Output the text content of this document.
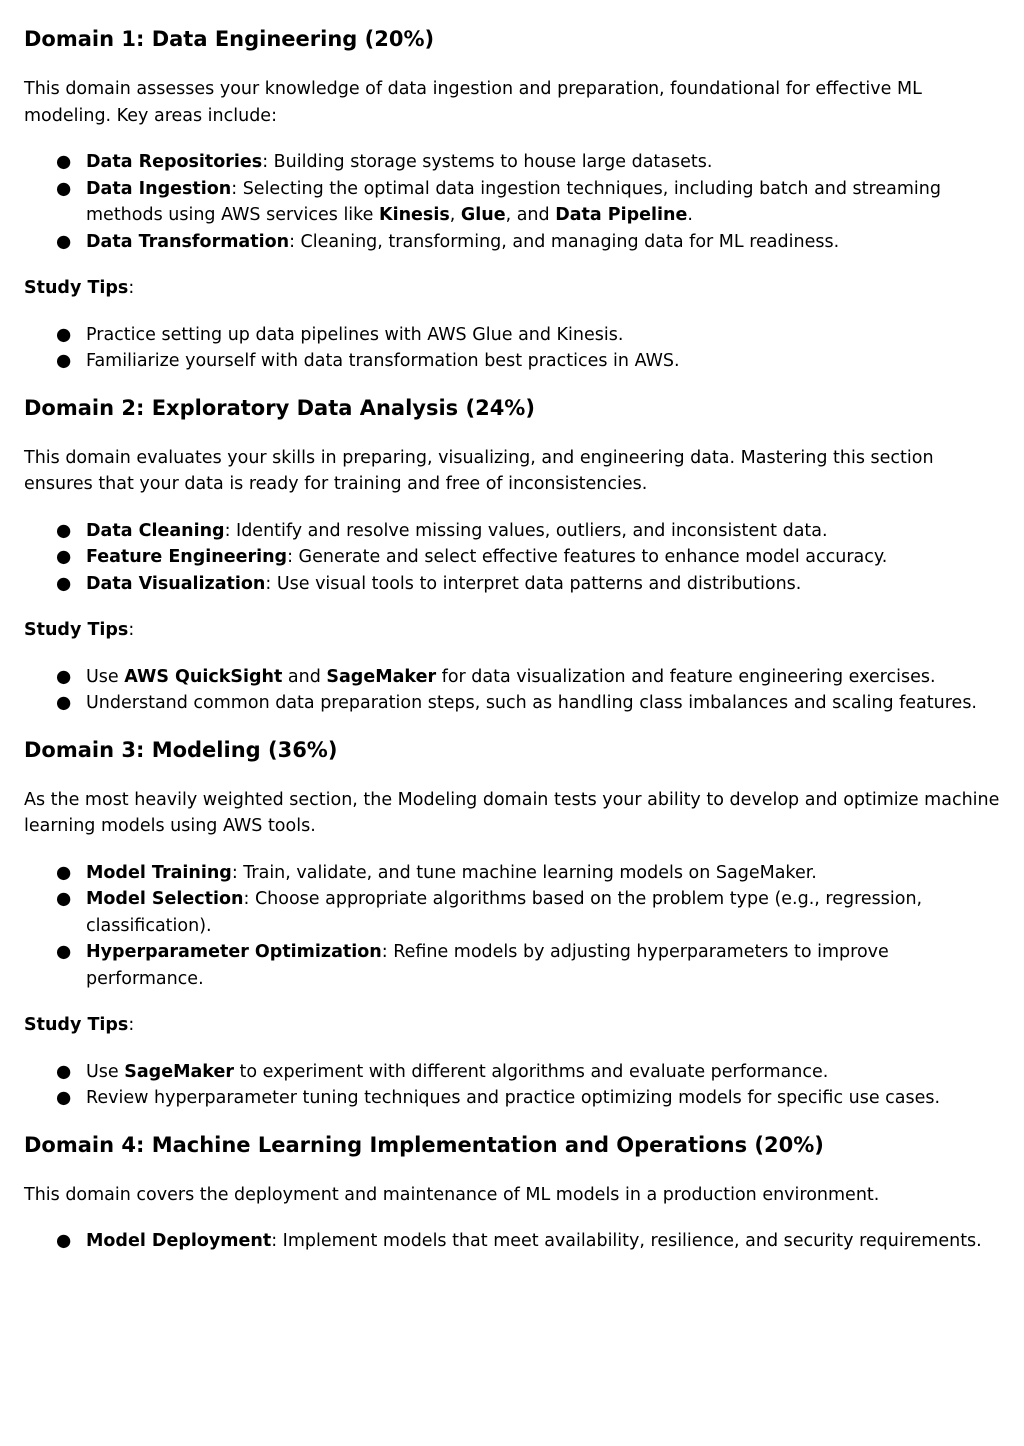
Domain 1: Data Engineering (20%)

This domain assesses your knowledge of data ingestion and preparation, foundational for effective ML modeling. Key areas include:

● Data Repositories: Building storage systems to house large datasets.
● Data Ingestion: Selecting the optimal data ingestion techniques, including batch and streaming methods using AWS services like Kinesis, Glue, and Data Pipeline.
● Data Transformation: Cleaning, transforming, and managing data for ML readiness.

Study Tips:

● Practice setting up data pipelines with AWS Glue and Kinesis.
● Familiarize yourself with data transformation best practices in AWS.
Domain 2: Exploratory Data Analysis (24%)

This domain evaluates your skills in preparing, visualizing, and engineering data. Mastering this section ensures that your data is ready for training and free of inconsistencies.

● Data Cleaning: Identify and resolve missing values, outliers, and inconsistent data.
● Feature Engineering: Generate and select effective features to enhance model accuracy.
● Data Visualization: Use visual tools to interpret data patterns and distributions.

Study Tips:

● Use AWS QuickSight and SageMaker for data visualization and feature engineering exercises.
● Understand common data preparation steps, such as handling class imbalances and scaling features.
Domain 3: Modeling (36%)

As the most heavily weighted section, the Modeling domain tests your ability to develop and optimize machine learning models using AWS tools.

● Model Training: Train, validate, and tune machine learning models on SageMaker.
● Model Selection: Choose appropriate algorithms based on the problem type (e.g., regression, classification).
● Hyperparameter Optimization: Refine models by adjusting hyperparameters to improve performance.

Study Tips:

● Use SageMaker to experiment with different algorithms and evaluate performance.
● Review hyperparameter tuning techniques and practice optimizing models for specific use cases.
Domain 4: Machine Learning Implementation and Operations (20%)

This domain covers the deployment and maintenance of ML models in a production environment.

● Model Deployment: Implement models that meet availability, resilience, and security requirements.
